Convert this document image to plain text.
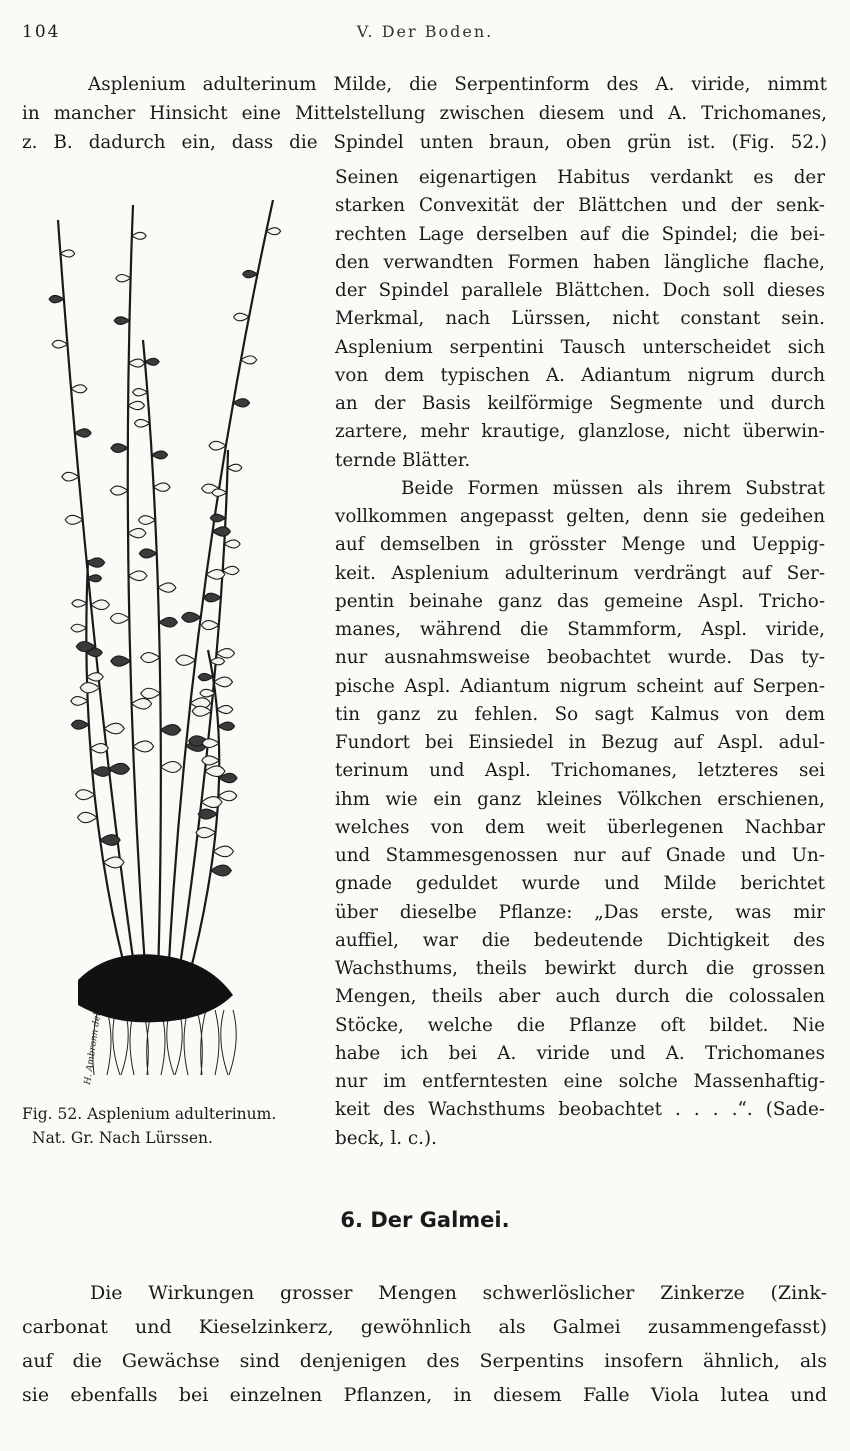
104	V. Der Boden.

Asplenium adulterinum Milde, die Serpentinform des A. viride, nimmt
in mancher Hinsicht eine Mittelstellung zwischen diesem und A. Trichomanes,
z. B. dadurch ein, dass die Spindel unten braun, oben grün ist. (Fig. 52.)

H. Ambronn del.

Fig. 52. Asplenium adulterinum.
Nat. Gr. Nach Lürssen.

Seinen eigenartigen Habitus verdankt es der
starken Convexität der Blättchen und der senk-
rechten Lage derselben auf die Spindel; die bei-
den verwandten Formen haben längliche flache,
der Spindel parallele Blättchen. Doch soll dieses
Merkmal, nach Lürssen, nicht constant sein.
Asplenium serpentini Tausch unterscheidet sich
von dem typischen A. Adiantum nigrum durch
an der Basis keilförmige Segmente und durch
zartere, mehr krautige, glanzlose, nicht überwin-
ternde Blätter.
Beide Formen müssen als ihrem Substrat
vollkommen angepasst gelten, denn sie gedeihen
auf demselben in grösster Menge und Ueppig-
keit. Asplenium adulterinum verdrängt auf Ser-
pentin beinahe ganz das gemeine Aspl. Tricho-
manes, während die Stammform, Aspl. viride,
nur ausnahmsweise beobachtet wurde. Das ty-
pische Aspl. Adiantum nigrum scheint auf Serpen-
tin ganz zu fehlen. So sagt Kalmus von dem
Fundort bei Einsiedel in Bezug auf Aspl. adul-
terinum und Aspl. Trichomanes, letzteres sei
ihm wie ein ganz kleines Völkchen erschienen,
welches von dem weit überlegenen Nachbar
und Stammesgenossen nur auf Gnade und Un-
gnade geduldet wurde und Milde berichtet
über dieselbe Pflanze: „Das erste, was mir
auffiel, war die bedeutende Dichtigkeit des
Wachsthums, theils bewirkt durch die grossen
Mengen, theils aber auch durch die colossalen
Stöcke, welche die Pflanze oft bildet. Nie
habe ich bei A. viride und A. Trichomanes
nur im entferntesten eine solche Massenhaftig-
keit des Wachsthums beobachtet . . . .“. (Sade-
beck, l. c.).
6. Der Galmei.

Die Wirkungen grosser Mengen schwerlöslicher Zinkerze (Zink-
carbonat und Kieselzinkerz, gewöhnlich als Galmei zusammengefasst)
auf die Gewächse sind denjenigen des Serpentins insofern ähnlich, als
sie ebenfalls bei einzelnen Pflanzen, in diesem Falle Viola lutea und
